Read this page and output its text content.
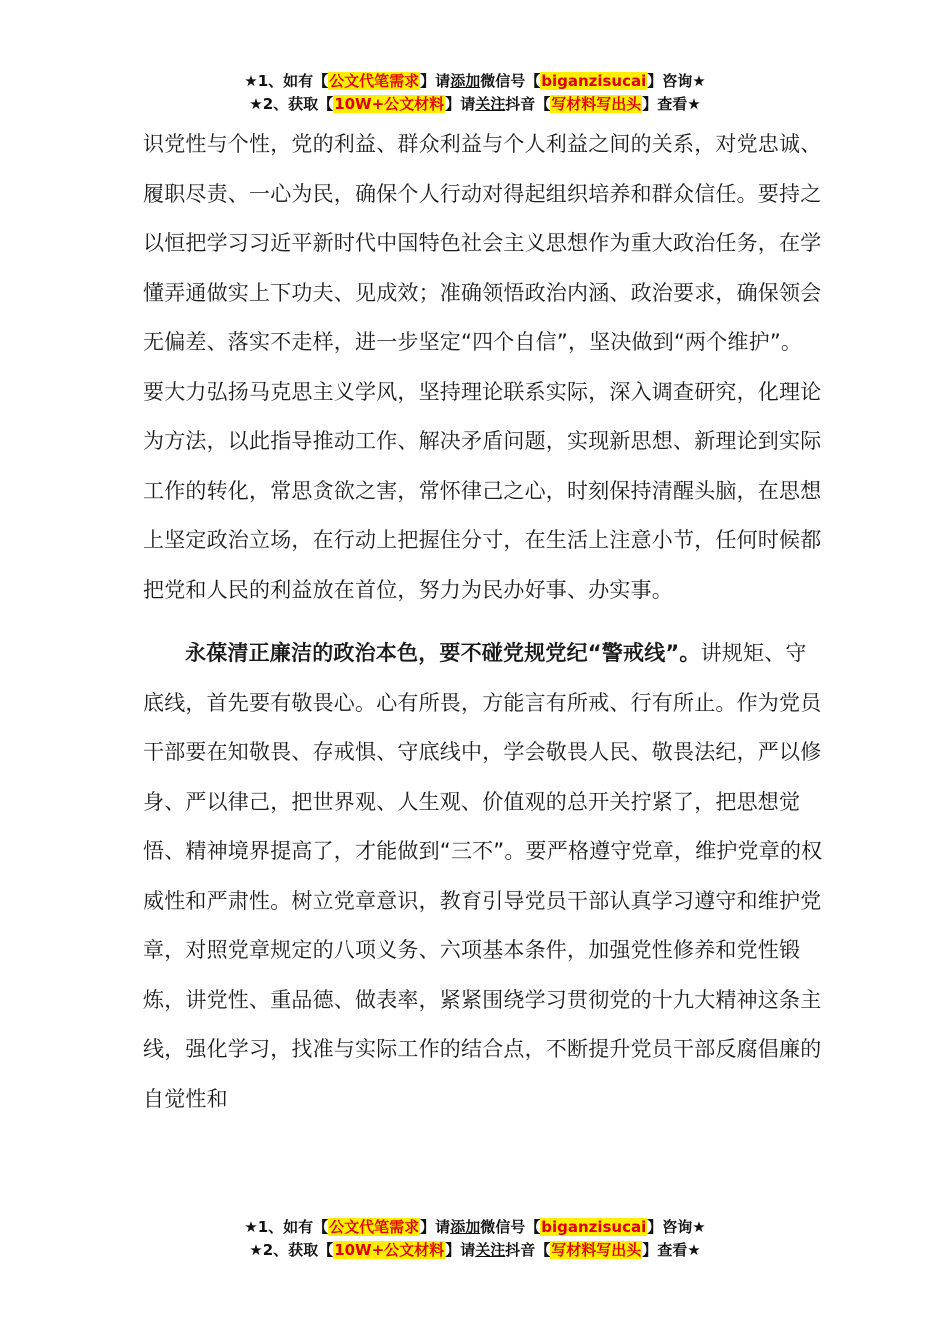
★1、如有【公文代笔需求】请添加微信号【biganzisucai】咨询★
★2、获取【10W+公文材料】请关注抖音【写材料写出头】查看★

识党性与个性，党的利益、群众利益与个人利益之间的关系，对党忠诚、履职尽责、一心为民，确保个人行动对得起组织培养和群众信任。要持之以恒把学习习近平新时代中国特色社会主义思想作为重大政治任务，在学懂弄通做实上下功夫、见成效；准确领悟政治内涵、政治要求，确保领会无偏差、落实不走样，进一步坚定“四个自信”，坚决做到“两个维护”。要大力弘扬马克思主义学风，坚持理论联系实际，深入调查研究，化理论为方法，以此指导推动工作、解决矛盾问题，实现新思想、新理论到实际工作的转化，常思贪欲之害，常怀律己之心，时刻保持清醒头脑，在思想上坚定政治立场，在行动上把握住分寸，在生活上注意小节，任何时候都把党和人民的利益放在首位，努力为民办好事、办实事。

永葆清正廉洁的政治本色，要不碰党规党纪“警戒线”。讲规矩、守底线，首先要有敬畏心。心有所畏，方能言有所戒、行有所止。作为党员干部要在知敬畏、存戒惧、守底线中，学会敬畏人民、敬畏法纪，严以修身、严以律己，把世界观、人生观、价值观的总开关拧紧了，把思想觉悟、精神境界提高了，才能做到“三不”。要严格遵守党章，维护党章的权威性和严肃性。树立党章意识，教育引导党员干部认真学习遵守和维护党章，对照党章规定的八项义务、六项基本条件，加强党性修养和党性锻炼，讲党性、重品德、做表率，紧紧围绕学习贯彻党的十九大精神这条主线，强化学习，找准与实际工作的结合点，不断提升党员干部反腐倡廉的自觉性和

★1、如有【公文代笔需求】请添加微信号【biganzisucai】咨询★
★2、获取【10W+公文材料】请关注抖音【写材料写出头】查看★
